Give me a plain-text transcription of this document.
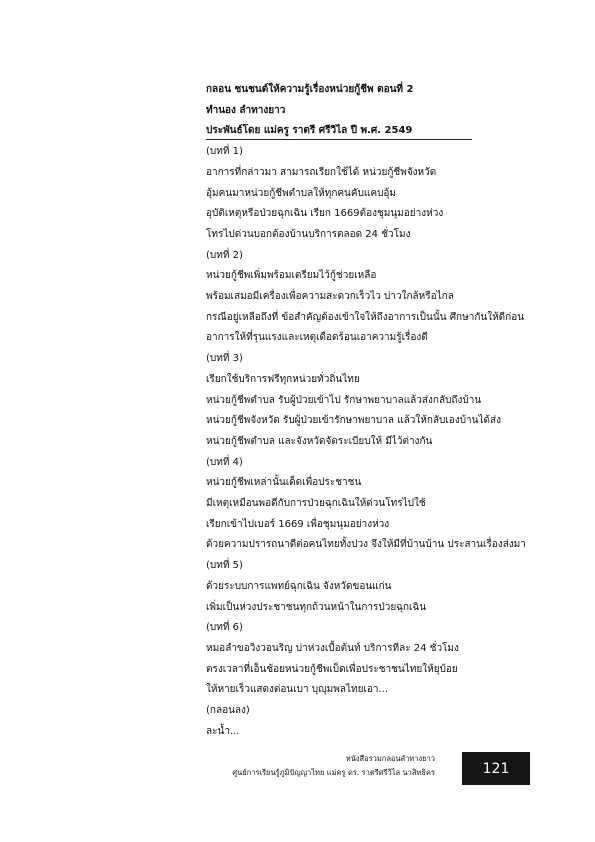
กลอน ชนชนต์ให้ความรู้เรื่องหน่วยกู้ชีพ ตอนที่ 2
ทำนอง ลำทางยาว
ประพันธ์โดย แม่ครู ราตรี ศรีวิไล ปี พ.ศ. 2549
(บทที่ 1)
อาการที่กล่าวมา สามารถเรียกใช้ได้ หน่วยกู้ชีพจังหวัด
อุ้มคนมาหน่วยกู้ชีพตำบลให้ทุกคนคับแคบอุ้ม
อุบัติเหตุหรือป่วยฉุกเฉิน เรียก 1669ต้องชุมนุมอย่างห่วง
โทรไปด่วนบอกต้องบ้านบริการตลอด 24 ชั่วโมง
(บทที่ 2)
หน่วยกู้ชีพเพิ่มพร้อมเตรียมไว้กู้ช่วยเหลือ
พร้อมเสมอมีเครื่องเพื่อความสะดวกเร็วไว บ่าวใกล้หรือไกล
กรณีอยู่เหลือถึงที่ ข้อสำคัญต้องเข้าใจให้ถึงอาการเป็นนั้น ศึกษากันให้ดีก่อน
อาการให้ที่รุนแรงและเหตุเดือดร้อนเอาความรู้เรื่องดี
(บทที่ 3)
เรียกใช้บริการฟรีทุกหน่วยทั่วถิ่นไทย
หน่วยกู้ชีพตำบล รับผู้ป่วยเข้าไป รักษาพยาบาลแล้วส่งกลับถึงบ้าน
หน่วยกู้ชีพจังหวัด รับผู้ป่วยเข้ารักษาพยาบาล แล้วให้กลับเองบ้านได้ส่ง
หน่วยกู้ชีพตำบล และจังหวัดจัดระเบียบให้ มีไว้ต่างกัน
(บทที่ 4)
หน่วยกู้ชีพเหล่านั้นเด็ดเพื่อประชาชน
มีเหตุเหมือนพอดีกับการป่วยฉุกเฉินให้ด่วนโทรไปใช้
เรียกเข้าไปเบอร์ 1669 เพื่อชุมนุมอย่างห่วง
ด้วยความปรารถนาดีต่อคนไทยทั้งปวง จึงให้มีที่บ้านบ้าน ประสานเรื่องส่งมา
(บทที่ 5)
ด้วยระบบการแพทย์ฉุกเฉิน จังหวัดขอนแก่น
เพิ่มเป็นห่วงประชาชนทุกถ้วนหน้าในการป่วยฉุกเฉิน
(บทที่ 6)
หมอลำขอวิงวอนริญ บ่าห่วงเบื้อต้นท์ บริการทีละ 24 ชั่วโมง
ตรงเวลาที่เอ็นช้อยหน่วยกู้ชีพเบ็ดเพื่อประชาชนไทยให้ยุบ้อย
ให้หายเร็วแสดงต่อนเบา บุญุมพลไทยเอา...
(กลอนลง)
ละน้ำ...
หนังสือรวมกลอนลำทางยาว
ศูนย์การเรียนรู้ภูมิปัญญาไทย แม่ครู ดร. ราตรีศรีวิไล นาสิทธิคร	121
